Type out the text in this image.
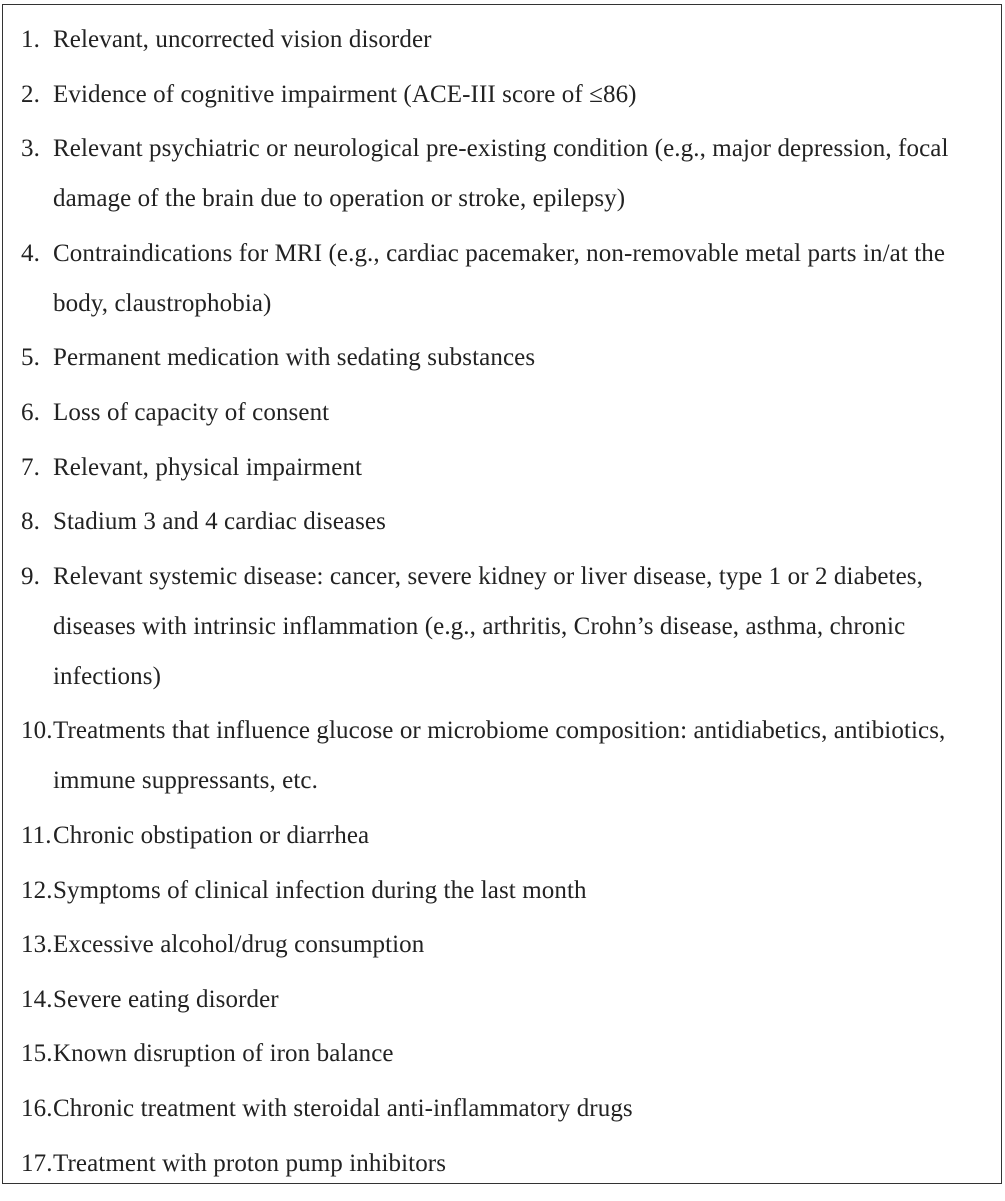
1. Relevant, uncorrected vision disorder
2. Evidence of cognitive impairment (ACE-III score of ≤86)
3. Relevant psychiatric or neurological pre-existing condition (e.g., major depression, focal damage of the brain due to operation or stroke, epilepsy)
4. Contraindications for MRI (e.g., cardiac pacemaker, non-removable metal parts in/at the body, claustrophobia)
5. Permanent medication with sedating substances
6. Loss of capacity of consent
7. Relevant, physical impairment
8. Stadium 3 and 4 cardiac diseases
9. Relevant systemic disease: cancer, severe kidney or liver disease, type 1 or 2 diabetes, diseases with intrinsic inflammation (e.g., arthritis, Crohn’s disease, asthma, chronic infections)
10. Treatments that influence glucose or microbiome composition: antidiabetics, antibiotics, immune suppressants, etc.
11. Chronic obstipation or diarrhea
12. Symptoms of clinical infection during the last month
13. Excessive alcohol/drug consumption
14. Severe eating disorder
15. Known disruption of iron balance
16. Chronic treatment with steroidal anti-inflammatory drugs
17. Treatment with proton pump inhibitors
